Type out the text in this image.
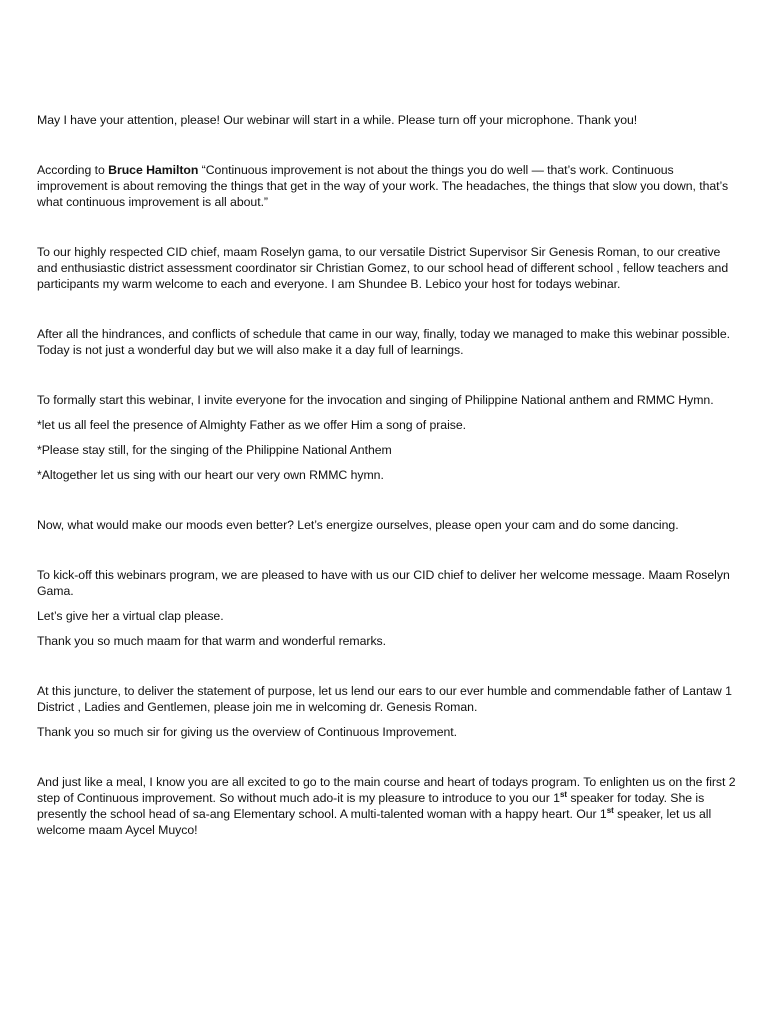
May I have your attention, please! Our webinar will start in a while. Please turn off your microphone. Thank you!

According to Bruce Hamilton “Continuous improvement is not about the things you do well — that’s work. Continuous improvement is about removing the things that get in the way of your work. The headaches, the things that slow you down, that’s what continuous improvement is all about.”

To our highly respected CID chief, maam Roselyn gama, to our versatile District Supervisor Sir Genesis Roman, to our creative and enthusiastic district assessment coordinator sir Christian Gomez, to our school head of different school , fellow teachers and participants my warm welcome to each and everyone. I am Shundee B. Lebico your host for todays webinar.

After all the hindrances, and conflicts of schedule that came in our way, finally, today we managed to make this webinar possible. Today is not just a wonderful day but we will also make it a day full of learnings.

To formally start this webinar, I invite everyone for the invocation and singing of Philippine National anthem and RMMC Hymn.

*let us all feel the presence of Almighty Father as we offer Him a song of praise.

*Please stay still, for the singing of the Philippine National Anthem

*Altogether let us sing with our heart our very own RMMC hymn.

Now, what would make our moods even better? Let’s energize ourselves, please open your cam and do some dancing.

To kick-off this webinars program, we are pleased to have with us our CID chief to deliver her welcome message. Maam Roselyn Gama.

Let’s give her a virtual clap please.

Thank you so much maam for that warm and wonderful remarks.

At this juncture, to deliver the statement of purpose, let us lend our ears to our ever humble and commendable father of Lantaw 1 District , Ladies and Gentlemen, please join me in welcoming dr. Genesis Roman.

Thank you so much sir for giving us the overview of Continuous Improvement.

And just like a meal, I know you are all excited to go to the main course and heart of todays program. To enlighten us on the first 2 step of Continuous improvement. So without much ado-it is my pleasure to introduce to you our 1st speaker for today. She is presently the school head of sa-ang Elementary school. A multi-talented woman with a happy heart. Our 1st speaker, let us all welcome maam Aycel Muyco!
